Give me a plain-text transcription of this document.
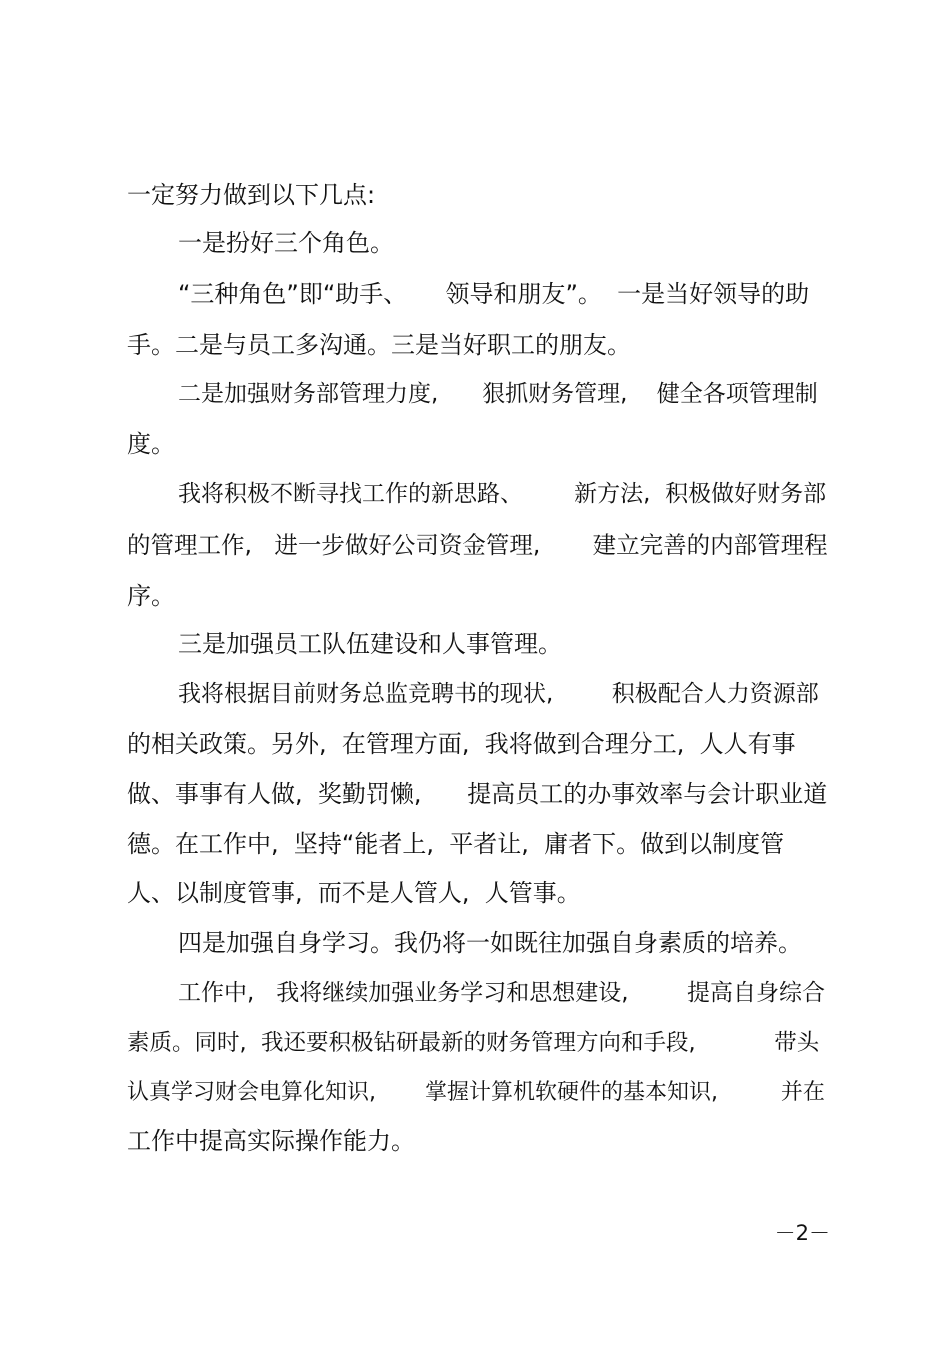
一定努力做到以下几点:
一是扮好三个角色。
“三种角色”即“助手、     领导和朋友”。  一是当好领导的助
手。二是与员工多沟通。三是当好职工的朋友。
二是加强财务部管理力度,      狠抓财务管理,    健全各项管理制
度。
我将积极不断寻找工作的新思路、       新方法,  积极做好财务部
的管理工作,   进一步做好公司资金管理,       建立完善的内部管理程
序。
三是加强员工队伍建设和人事管理。
我将根据目前财务总监竞聘书的现状,        积极配合人力资源部
的相关政策。另外,  在管理方面,  我将做到合理分工,  人人有事
做、事事有人做,  奖勤罚懒,      提高员工的办事效率与会计职业道
德。在工作中,  坚持“能者上,  平者让,  庸者下。做到以制度管
人、以制度管事,  而不是人管人,  人管事。
四是加强自身学习。我仍将一如既往加强自身素质的培养。
工作中,   我将继续加强业务学习和思想建设,        提高自身综合
素质。同时,  我还要积极钻研最新的财务管理方向和手段,           带头
认真学习财会电算化知识,       掌握计算机软硬件的基本知识,         并在
工作中提高实际操作能力。
－2－
